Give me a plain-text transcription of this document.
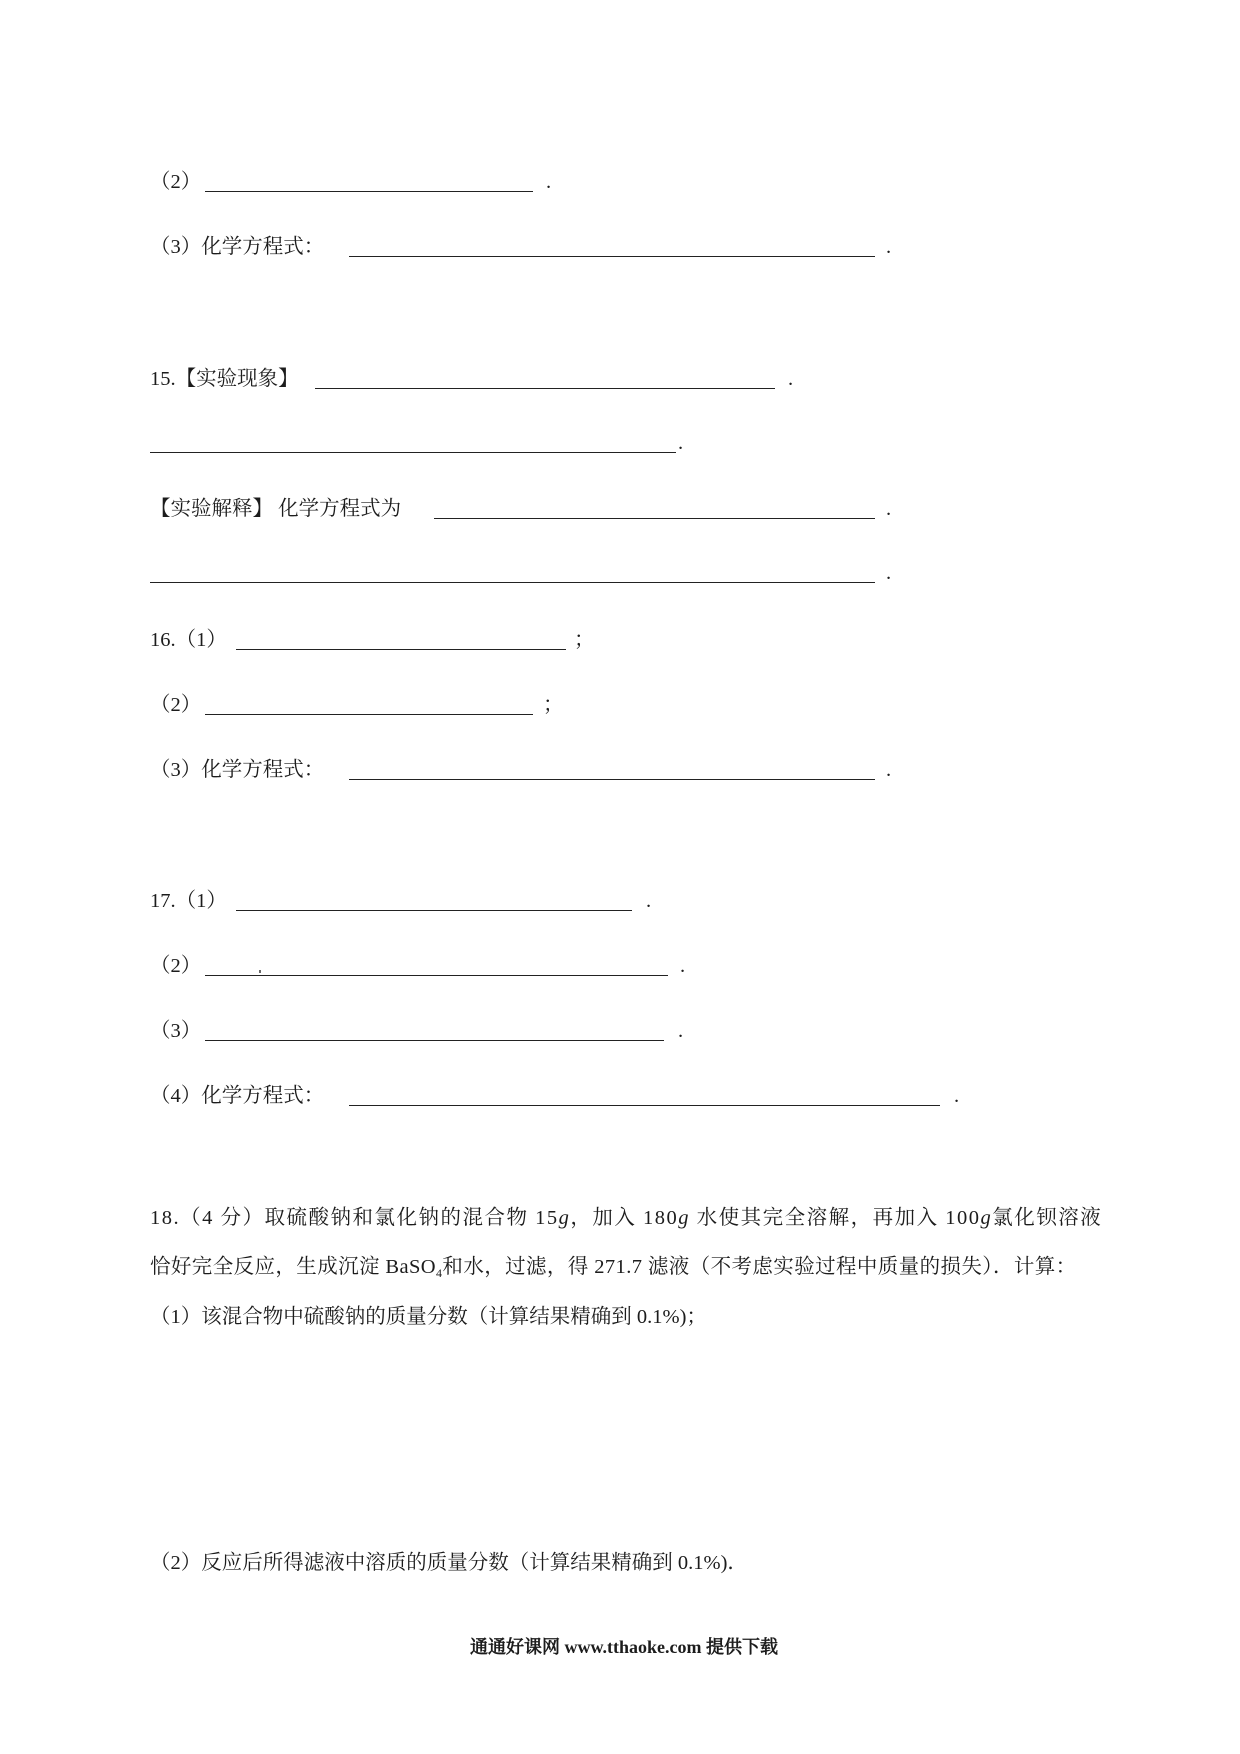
（2）	.
（3）化学方程式：	.
15.【实验现象】	.
.
【实验解释】 化学方程式为	.
.
16.（1）	；
（2）	；
（3）化学方程式：	.
17.（1）	.
（2）	.
（3）	.
（4）化学方程式：	.
18.（4 分）取硫酸钠和氯化钠的混合物 15g，加入 180g 水使其完全溶解，再加入 100g氯化钡溶液
恰好完全反应，生成沉淀 BaSO4和水，过滤，得 271.7 滤液（不考虑实验过程中质量的损失）．计算：
（1）该混合物中硫酸钠的质量分数（计算结果精确到 0.1%)；
（2）反应后所得滤液中溶质的质量分数（计算结果精确到 0.1%)．
通通好课网 www.tthaoke.com 提供下载
